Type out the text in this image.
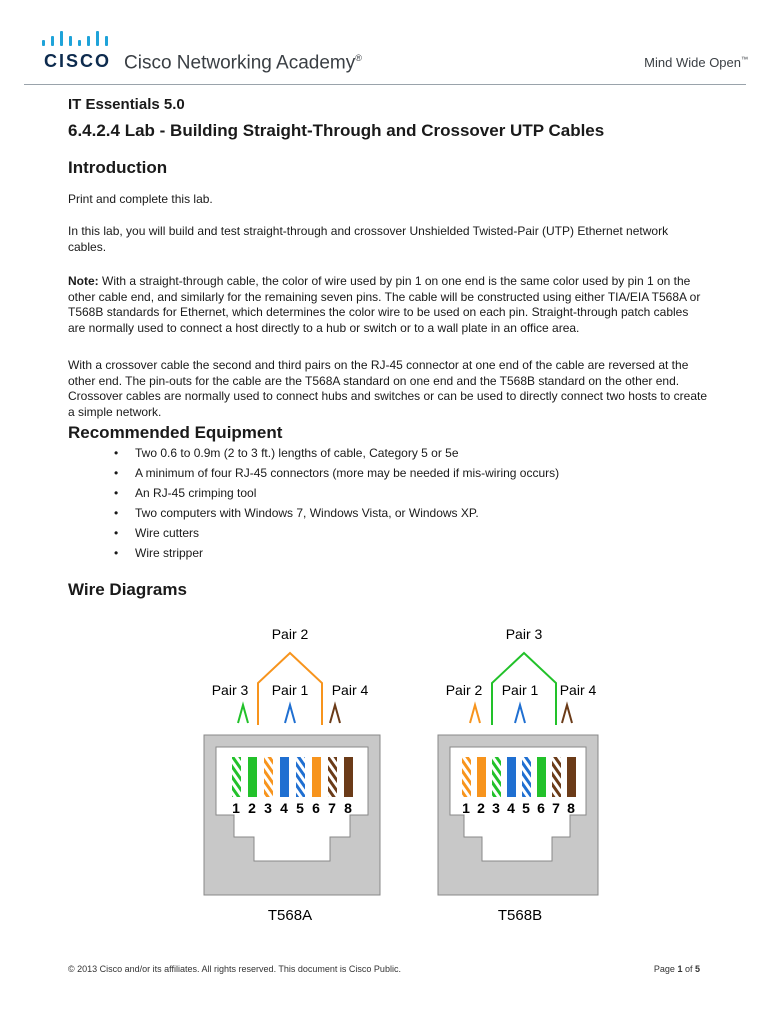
CISCO Cisco Networking Academy®	Mind Wide Open™
IT Essentials 5.0
6.4.2.4 Lab - Building Straight-Through and Crossover UTP Cables
Introduction
Print and complete this lab.
In this lab, you will build and test straight-through and crossover Unshielded Twisted-Pair (UTP) Ethernet network cables.
Note: With a straight-through cable, the color of wire used by pin 1 on one end is the same color used by pin 1 on the other cable end, and similarly for the remaining seven pins. The cable will be constructed using either TIA/EIA T568A or T568B standards for Ethernet, which determines the color wire to be used on each pin. Straight-through patch cables are normally used to connect a host directly to a hub or switch or to a wall plate in an office area.
With a crossover cable the second and third pairs on the RJ-45 connector at one end of the cable are reversed at the other end. The pin-outs for the cable are the T568A standard on one end and the T568B standard on the other end. Crossover cables are normally used to connect hubs and switches or can be used to directly connect two hosts to create a simple network.
Recommended Equipment
• Two 0.6 to 0.9m (2 to 3 ft.) lengths of cable, Category 5 or 5e
• A minimum of four RJ-45 connectors (more may be needed if mis-wiring occurs)
• An RJ-45 crimping tool
• Two computers with Windows 7, Windows Vista, or Windows XP.
• Wire cutters
• Wire stripper
Wire Diagrams
Pair 2
Pair 3 Pair 1 Pair 4
1 2 3 4 5 6 7 8
T568A
Pair 3
Pair 2 Pair 1 Pair 4
1 2 3 4 5 6 7 8
T568B
© 2013 Cisco and/or its affiliates. All rights reserved. This document is Cisco Public.	Page 1 of 5
